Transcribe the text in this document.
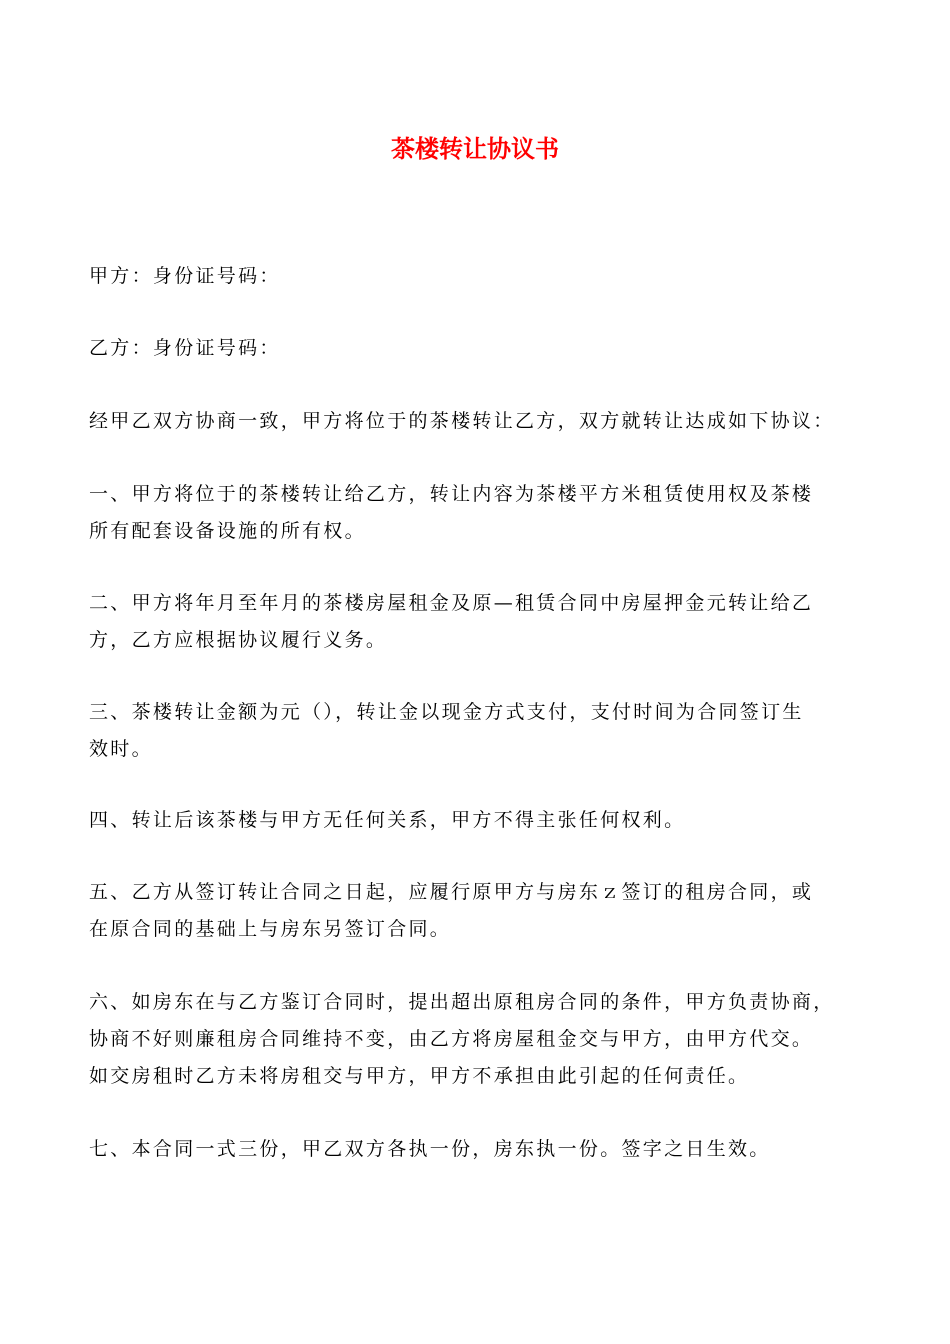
茶楼转让协议书

甲方：身份证号码：

乙方：身份证号码：

经甲乙双方协商一致，甲方将位于的茶楼转让乙方，双方就转让达成如下协议：

一、甲方将位于的茶楼转让给乙方，转让内容为茶楼平方米租赁使用权及茶楼
所有配套设备设施的所有权。

二、甲方将年月至年月的茶楼房屋租金及原—租赁合同中房屋押金元转让给乙
方，乙方应根据协议履行义务。

三、茶楼转让金额为元（），转让金以现金方式支付，支付时间为合同签订生
效时。

四、转让后该茶楼与甲方无任何关系，甲方不得主张任何权利。

五、乙方从签订转让合同之日起，应履行原甲方与房东ｚ签订的租房合同，或
在原合同的基础上与房东另签订合同。

六、如房东在与乙方鉴订合同时，提出超出原租房合同的条件，甲方负责协商，
协商不好则廉租房合同维持不变，由乙方将房屋租金交与甲方，由甲方代交。
如交房租时乙方未将房租交与甲方，甲方不承担由此引起的任何责任。

七、本合同一式三份，甲乙双方各执一份，房东执一份。签字之日生效。
